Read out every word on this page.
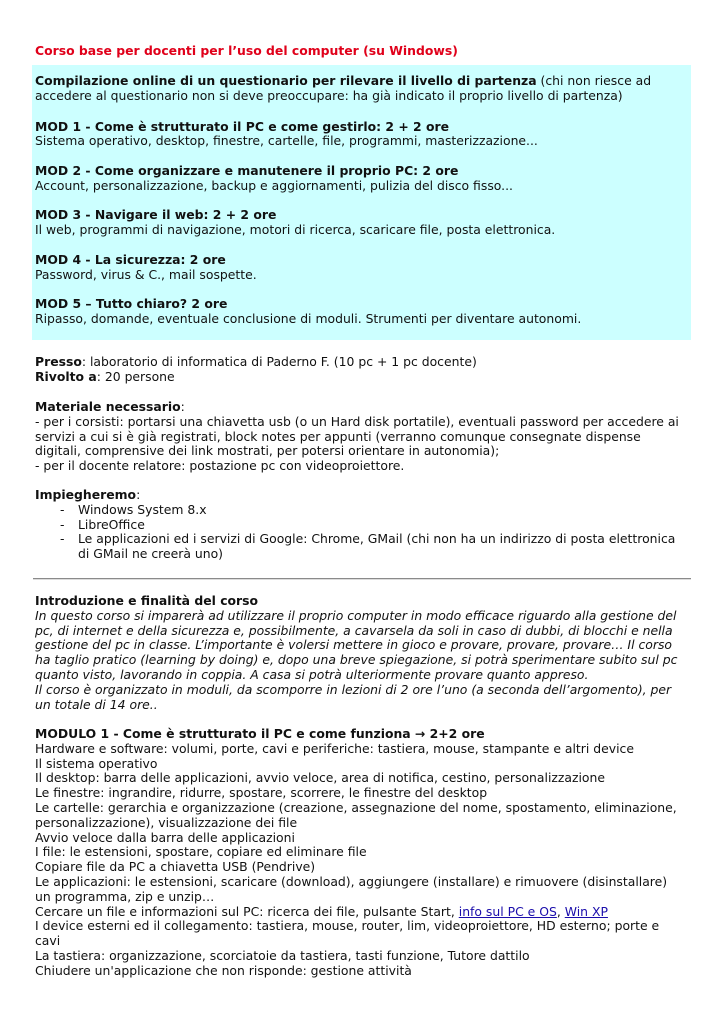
Corso base per docenti per l’uso del computer (su Windows)

Compilazione online di un questionario per rilevare il livello di partenza (chi non riesce ad accedere al questionario non si deve preoccupare: ha già indicato il proprio livello di partenza)

MOD 1 - Come è strutturato il PC e come gestirlo: 2 + 2 ore

Sistema operativo, desktop, finestre, cartelle, file, programmi, masterizzazione...

MOD 2 - Come organizzare e manutenere il proprio PC: 2 ore

Account, personalizzazione, backup e aggiornamenti, pulizia del disco fisso...

MOD 3 - Navigare il web: 2 + 2 ore

Il web, programmi di navigazione, motori di ricerca, scaricare file, posta elettronica.

MOD 4 - La sicurezza: 2 ore

Password, virus & C., mail sospette.

MOD 5 – Tutto chiaro? 2 ore

Ripasso, domande, eventuale conclusione di moduli. Strumenti per diventare autonomi.

Presso: laboratorio di informatica di Paderno F. (10 pc + 1 pc docente)

Rivolto a: 20 persone

Materiale necessario:

- per i corsisti: portarsi una chiavetta usb (o un Hard disk portatile), eventuali password per accedere ai servizi a cui si è già registrati, block notes per appunti (verranno comunque consegnate dispense digitali, comprensive dei link mostrati, per potersi orientare in autonomia);

- per il docente relatore: postazione pc con videoproiettore.

Impiegheremo:

- Windows System 8.x
- LibreOffice
- Le applicazioni ed i servizi di Google: Chrome, GMail (chi non ha un indirizzo di posta elettronica di GMail ne creerà uno)

Introduzione e finalità del corso

In questo corso si imparerà ad utilizzare il proprio computer in modo efficace riguardo alla gestione del pc, di internet e della sicurezza e, possibilmente, a cavarsela da soli in caso di dubbi, di blocchi e nella gestione del pc in classe. L’importante è volersi mettere in gioco e provare, provare, provare… Il corso ha taglio pratico (learning by doing) e, dopo una breve spiegazione, si potrà sperimentare subito sul pc quanto visto, lavorando in coppia. A casa si potrà ulteriormente provare quanto appreso.

Il corso è organizzato in moduli, da scomporre in lezioni di 2 ore l’uno (a seconda dell’argomento), per un totale di 14 ore..

MODULO 1 - Come è strutturato il PC e come funziona → 2+2 ore

Hardware e software: volumi, porte, cavi e periferiche: tastiera, mouse, stampante e altri device

Il sistema operativo

Il desktop: barra delle applicazioni, avvio veloce, area di notifica, cestino, personalizzazione

Le finestre: ingrandire, ridurre, spostare, scorrere, le finestre del desktop

Le cartelle: gerarchia e organizzazione (creazione, assegnazione del nome, spostamento, eliminazione, personalizzazione), visualizzazione dei file

Avvio veloce dalla barra delle applicazioni

I file: le estensioni, spostare, copiare ed eliminare file

Copiare file da PC a chiavetta USB (Pendrive)

Le applicazioni: le estensioni, scaricare (download), aggiungere (installare) e rimuovere (disinstallare) un programma, zip e unzip…

Cercare un file e informazioni sul PC: ricerca dei file, pulsante Start, info sul PC e OS, Win XP

I device esterni ed il collegamento: tastiera, mouse, router, lim, videoproiettore, HD esterno; porte e cavi

La tastiera: organizzazione, scorciatoie da tastiera, tasti funzione, Tutore dattilo

Chiudere un'applicazione che non risponde: gestione attività
